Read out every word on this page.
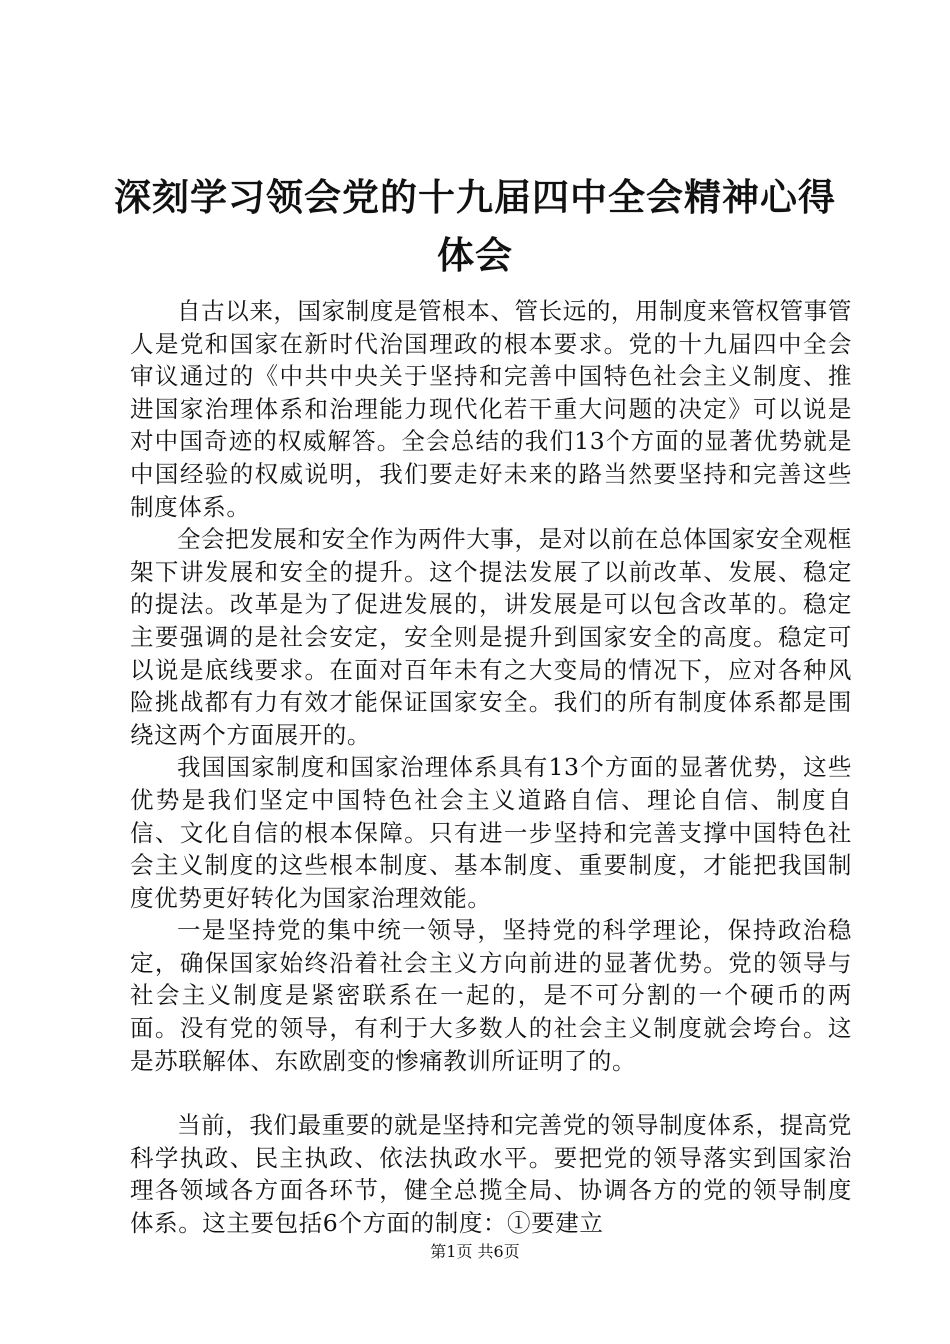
深刻学习领会党的十九届四中全会精神心得体会

自古以来，国家制度是管根本、管长远的，用制度来管权管事管人是党和国家在新时代治国理政的根本要求。党的十九届四中全会审议通过的《中共中央关于坚持和完善中国特色社会主义制度、推进国家治理体系和治理能力现代化若干重大问题的决定》可以说是对中国奇迹的权威解答。全会总结的我们13个方面的显著优势就是中国经验的权威说明，我们要走好未来的路当然要坚持和完善这些制度体系。

全会把发展和安全作为两件大事，是对以前在总体国家安全观框架下讲发展和安全的提升。这个提法发展了以前改革、发展、稳定的提法。改革是为了促进发展的，讲发展是可以包含改革的。稳定主要强调的是社会安定，安全则是提升到国家安全的高度。稳定可以说是底线要求。在面对百年未有之大变局的情况下，应对各种风险挑战都有力有效才能保证国家安全。我们的所有制度体系都是围绕这两个方面展开的。

我国国家制度和国家治理体系具有13个方面的显著优势，这些优势是我们坚定中国特色社会主义道路自信、理论自信、制度自信、文化自信的根本保障。只有进一步坚持和完善支撑中国特色社会主义制度的这些根本制度、基本制度、重要制度，才能把我国制度优势更好转化为国家治理效能。

一是坚持党的集中统一领导，坚持党的科学理论，保持政治稳定，确保国家始终沿着社会主义方向前进的显著优势。党的领导与社会主义制度是紧密联系在一起的，是不可分割的一个硬币的两面。没有党的领导，有利于大多数人的社会主义制度就会垮台。这是苏联解体、东欧剧变的惨痛教训所证明了的。

当前，我们最重要的就是坚持和完善党的领导制度体系，提高党科学执政、民主执政、依法执政水平。要把党的领导落实到国家治理各领域各方面各环节，健全总揽全局、协调各方的党的领导制度体系。这主要包括6个方面的制度：①要建立

第1页 共6页
